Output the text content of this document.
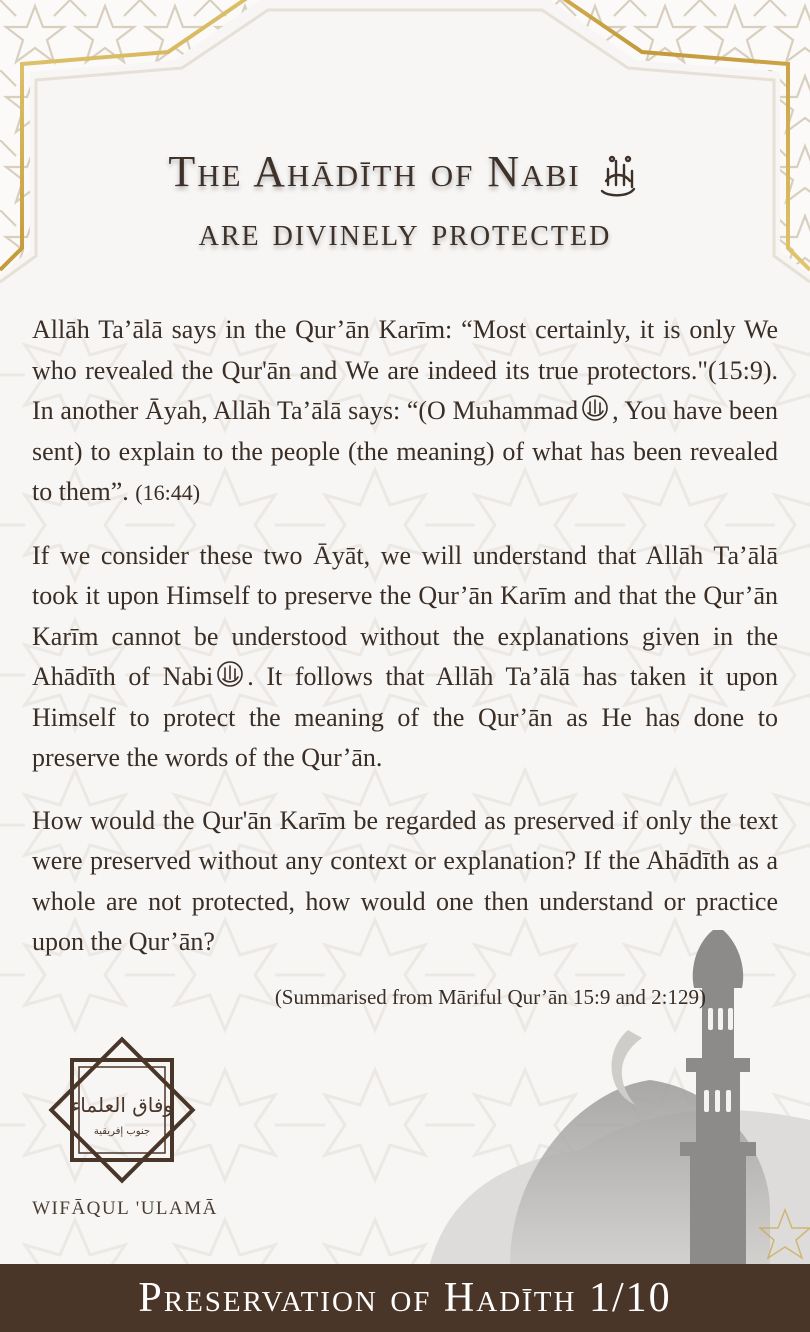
The Ahādīth of Nabi
are divinely protected

Allāh Ta’ālā says in the Qur’ān Karīm: “Most certainly, it is only We who revealed the Qur'ān and We are indeed its true protectors."(15:9). In another Āyah, Allāh Ta’ālā says: “(O Muhammad , You have been sent) to explain to the people (the meaning) of what has been revealed to them”. (16:44)

If we consider these two Āyāt, we will understand that Allāh Ta’ālā took it upon Himself to preserve the Qur’ān Karīm and that the Qur’ān Karīm cannot be understood without the explanations given in the Ahādīth of Nabi . It follows that Allāh Ta’ālā has taken it upon Himself to protect the meaning of the Qur’ān as He has done to preserve the words of the Qur’ān.

How would the Qur'ān Karīm be regarded as preserved if only the text were preserved without any context or explanation? If the Ahādīth as a whole are not protected, how would one then understand or practice upon the Qur’ān?

(Summarised from Māriful Qur’ān 15:9 and 2:129)
وفاق العلماء
جنوب إفريقية
WIFĀQUL 'ULAMĀ
Preservation of Hadīth 1/10
